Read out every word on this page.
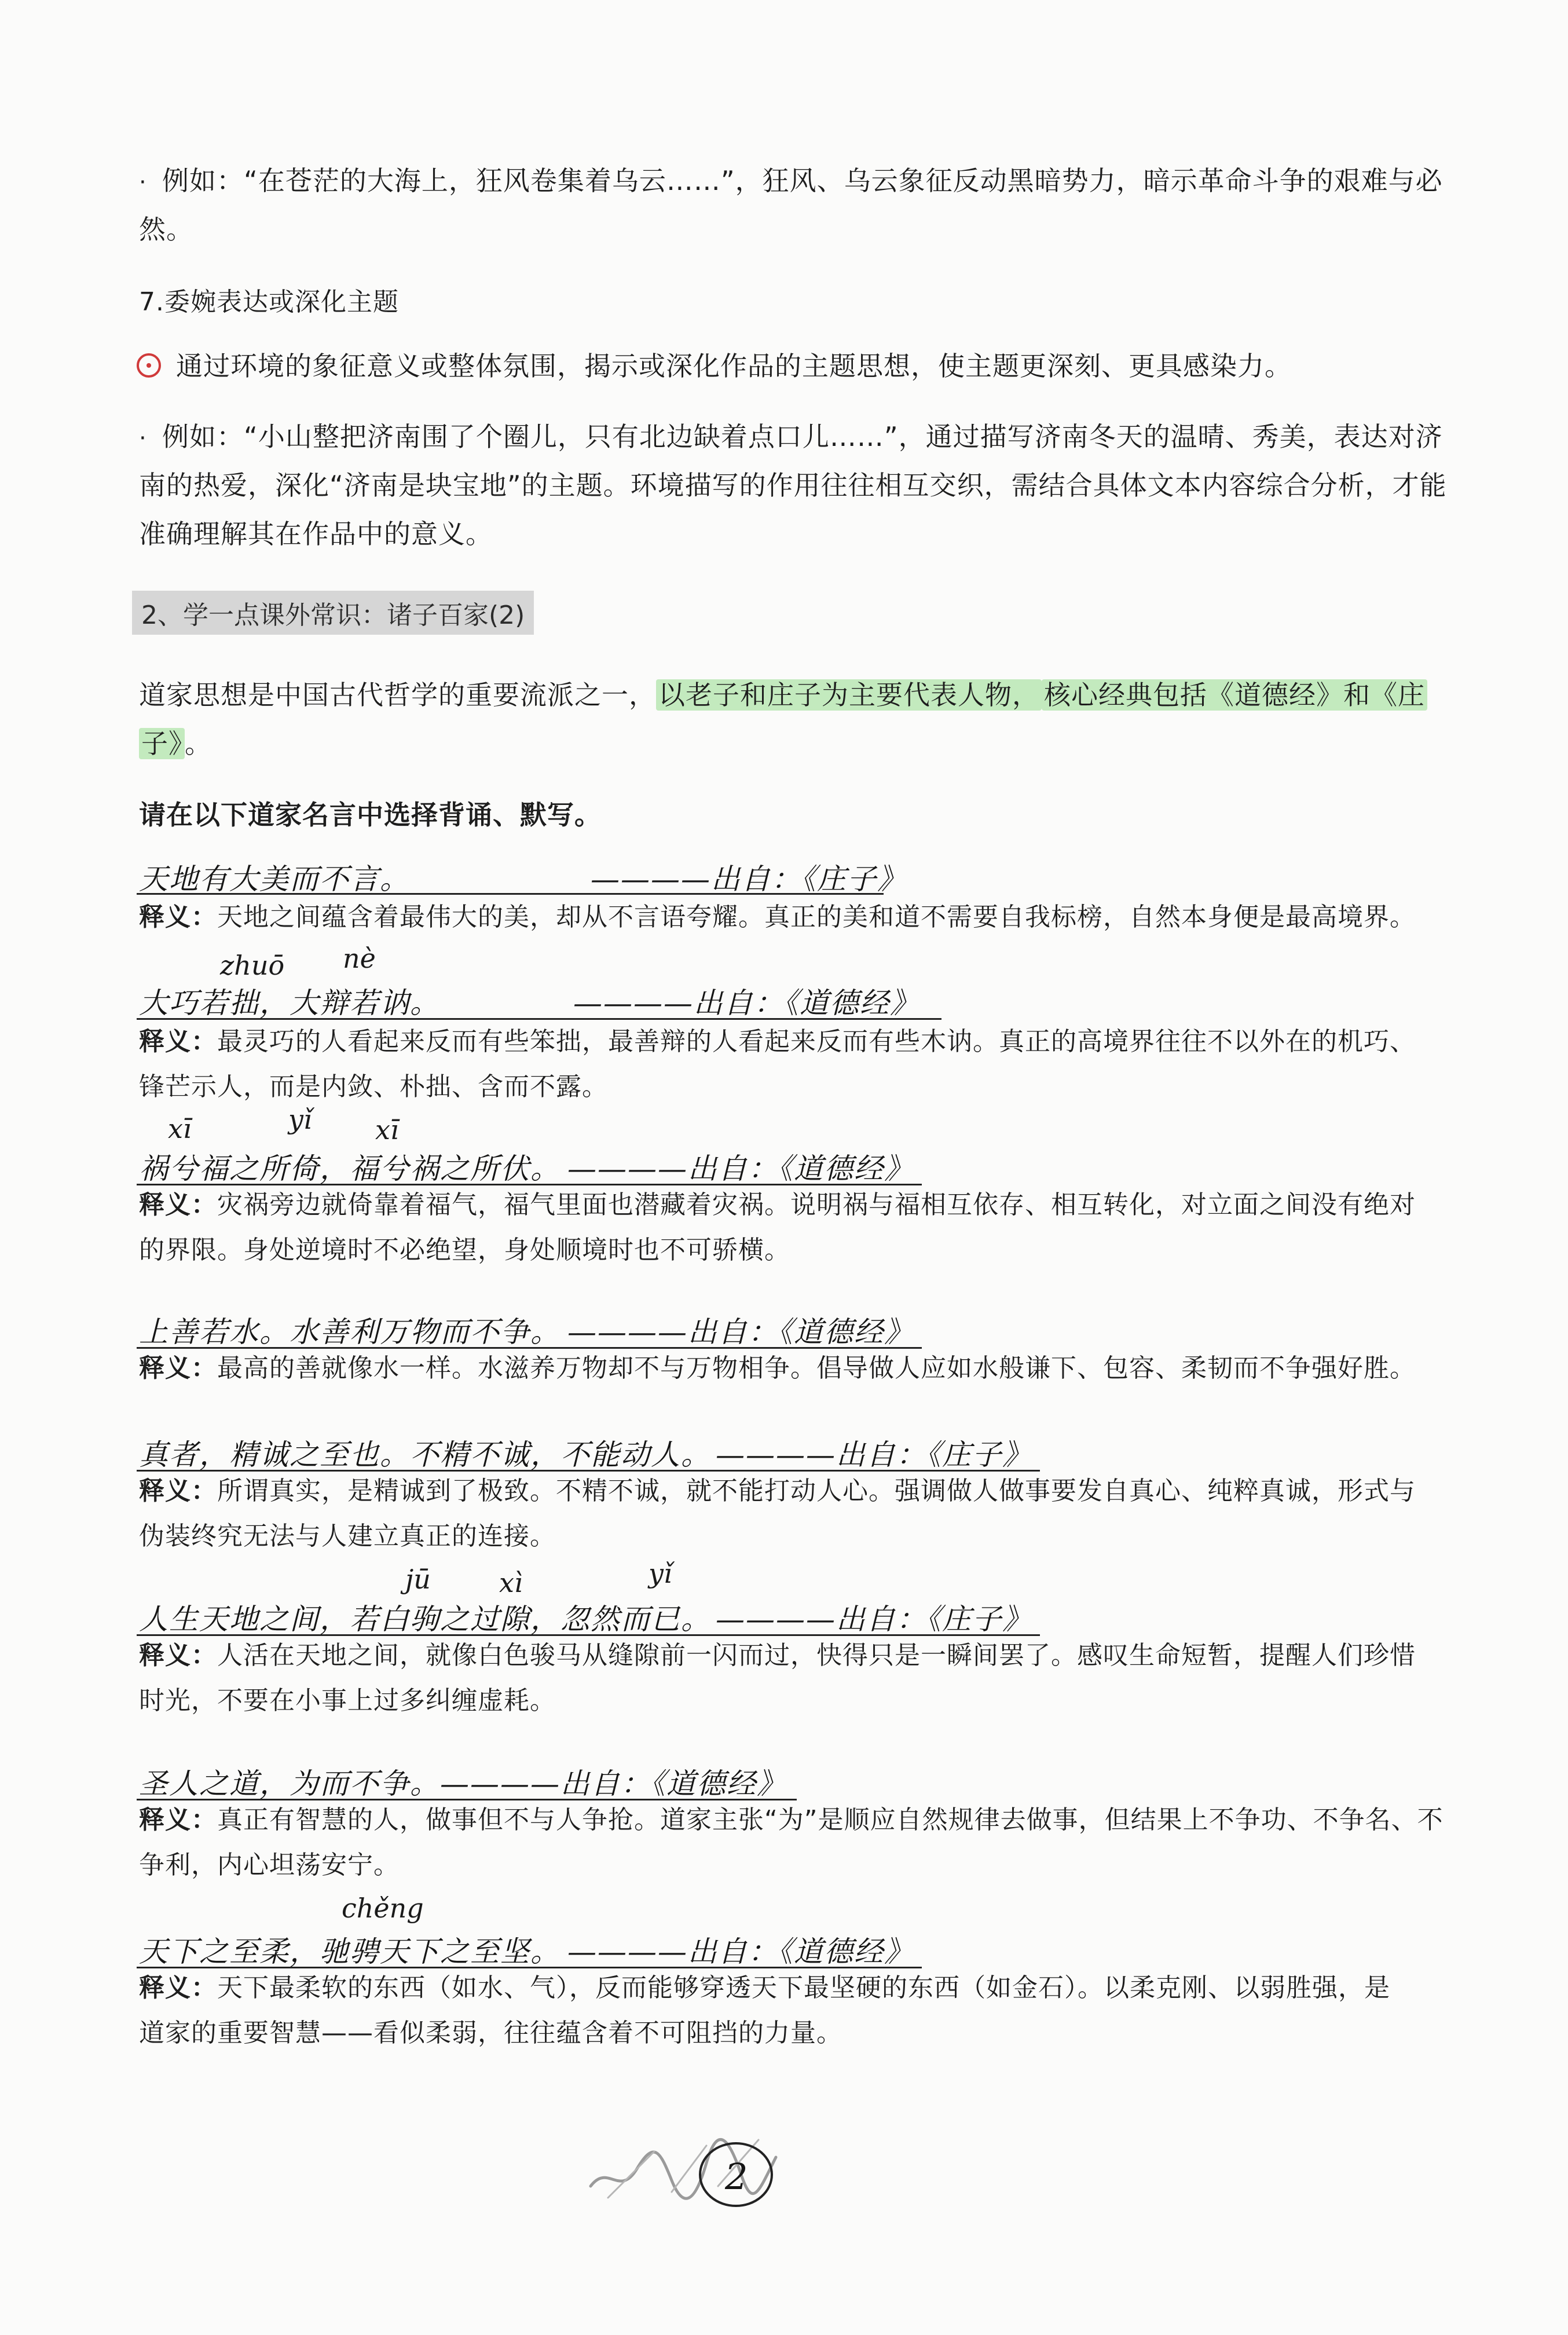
· 例如：“在苍茫的大海上，狂风卷集着乌云……”，狂风、乌云象征反动黑暗势力，暗示革命斗争的艰难与必
然。
7.委婉表达或深化主题
通过环境的象征意义或整体氛围，揭示或深化作品的主题思想，使主题更深刻、更具感染力。
· 例如：“小山整把济南围了个圈儿，只有北边缺着点口儿……”，通过描写济南冬天的温晴、秀美，表达对济
南的热爱，深化“济南是块宝地”的主题。环境描写的作用往往相互交织，需结合具体文本内容综合分析，才能
准确理解其在作品中的意义。
2、学一点课外常识：诸子百家(2)
道家思想是中国古代哲学的重要流派之一，以老子和庄子为主要代表人物， 核心经典包括《道德经》和《庄
子》。
请在以下道家名言中选择背诵、默写。
天地有大美而不言。	————出自：《庄子》
释义：天地之间蕴含着最伟大的美，却从不言语夸耀。真正的美和道不需要自我标榜，自然本身便是最高境界。
zhuō nè
大巧若拙，大辩若讷。	————出自：《道德经》
释义：最灵巧的人看起来反而有些笨拙，最善辩的人看起来反而有些木讷。真正的高境界往往不以外在的机巧、
锋芒示人，而是内敛、朴拙、含而不露。
xī	yǐ xī
祸兮福之所倚，福兮祸之所伏。 ————出自：《道德经》
释义：灾祸旁边就倚靠着福气，福气里面也潜藏着灾祸。说明祸与福相互依存、相互转化，对立面之间没有绝对
的界限。身处逆境时不必绝望，身处顺境时也不可骄横。
上善若水。水善利万物而不争。 ————出自：《道德经》
释义：最高的善就像水一样。水滋养万物却不与万物相争。倡导做人应如水般谦下、包容、柔韧而不争强好胜。
真者，精诚之至也。不精不诚，不能动人。 ————出自：《庄子》
释义：所谓真实，是精诚到了极致。不精不诚，就不能打动人心。强调做人做事要发自真心、纯粹真诚，形式与
伪装终究无法与人建立真正的连接。
jū	xì	yǐ
人生天地之间，若白驹之过隙，忽然而已。 ————出自：《庄子》
释义：人活在天地之间，就像白色骏马从缝隙前一闪而过，快得只是一瞬间罢了。感叹生命短暂，提醒人们珍惜
时光，不要在小事上过多纠缠虚耗。
圣人之道，为而不争。 ————出自：《道德经》
释义：真正有智慧的人，做事但不与人争抢。道家主张“为”是顺应自然规律去做事，但结果上不争功、不争名、不
争利，内心坦荡安宁。
chěng
天下之至柔，驰骋天下之至坚。 ————出自：《道德经》
释义：天下最柔软的东西（如水、气），反而能够穿透天下最坚硬的东西（如金石）。以柔克刚、以弱胜强，是
道家的重要智慧——看似柔弱，往往蕴含着不可阻挡的力量。
2
